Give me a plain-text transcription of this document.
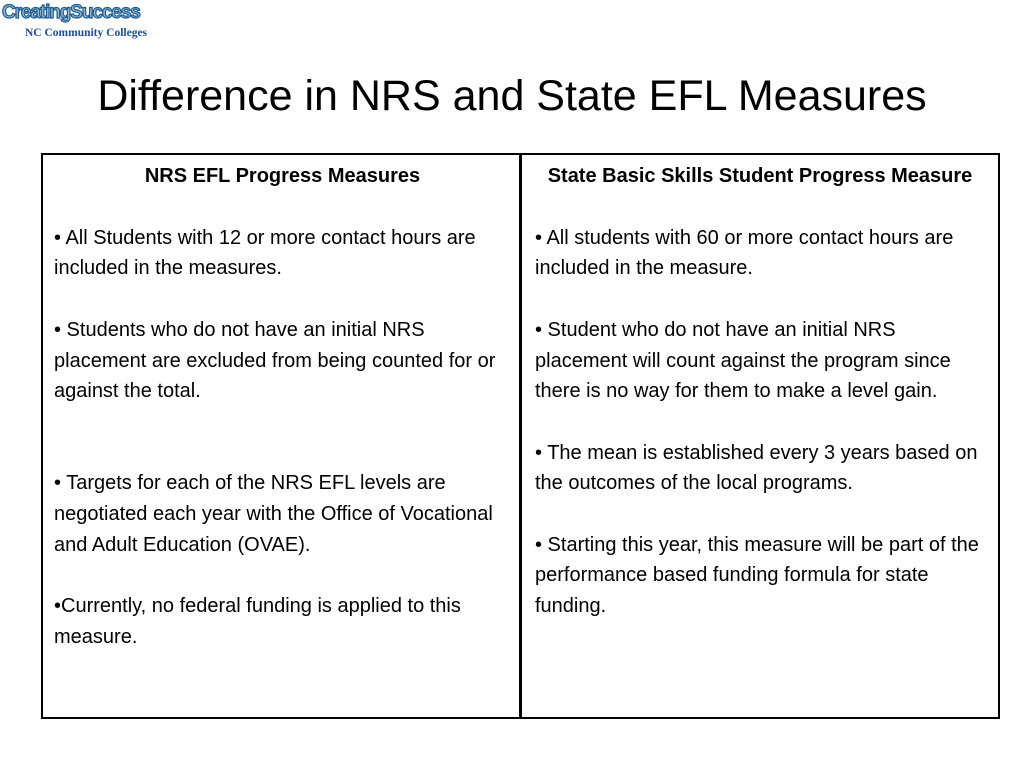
CreatingSuccess
NC Community Colleges
Difference in NRS and State EFL Measures
NRS EFL Progress Measures
• All Students with 12 or more contact hours are included in the measures.
• Students who do not have an initial NRS placement are excluded from being counted for or against the total.
• Targets for each of the NRS EFL levels are negotiated each year with the Office of Vocational and Adult Education (OVAE).
•Currently, no federal funding is applied to this measure.
State Basic Skills Student Progress Measure
• All students with 60 or more contact hours are included in the measure.
• Student who do not have an initial NRS placement will count against the program since there is no way for them to make a level gain.
• The mean is established every 3 years based on the outcomes of the local programs.
• Starting this year, this measure will be part of the performance based funding formula for state funding.
